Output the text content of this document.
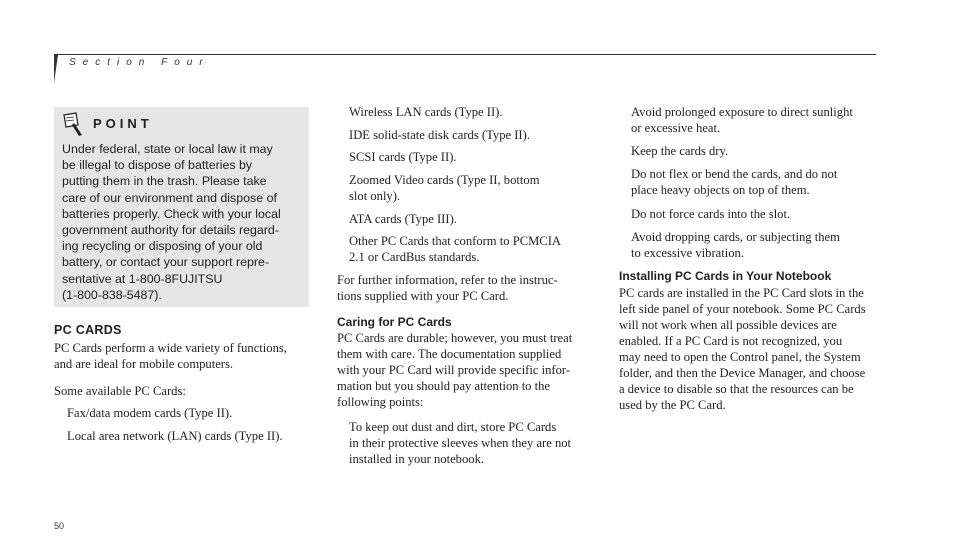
Section Four
POINT
Under federal, state or local law it may
be illegal to dispose of batteries by
putting them in the trash. Please take
care of our environment and dispose of
batteries properly. Check with your local
government authority for details regard-
ing recycling or disposing of your old
battery, or contact your support repre-
sentative at 1-800-8FUJITSU
(1-800-838-5487).
PC CARDS
PC Cards perform a wide variety of functions,
and are ideal for mobile computers.
Some available PC Cards:
Fax/data modem cards (Type II).
Local area network (LAN) cards (Type II).
Wireless LAN cards (Type II).
IDE solid-state disk cards (Type II).
SCSI cards (Type II).
Zoomed Video cards (Type II, bottom
slot only).
ATA cards (Type III).
Other PC Cards that conform to PCMCIA
2.1 or CardBus standards.
For further information, refer to the instruc-
tions supplied with your PC Card.
Caring for PC Cards
PC Cards are durable; however, you must treat
them with care. The documentation supplied
with your PC Card will provide specific infor-
mation but you should pay attention to the
following points:
To keep out dust and dirt, store PC Cards
in their protective sleeves when they are not
installed in your notebook.
Avoid prolonged exposure to direct sunlight
or excessive heat.
Keep the cards dry.
Do not flex or bend the cards, and do not
place heavy objects on top of them.
Do not force cards into the slot.
Avoid dropping cards, or subjecting them
to excessive vibration.
Installing PC Cards in Your Notebook
PC cards are installed in the PC Card slots in the
left side panel of your notebook. Some PC Cards
will not work when all possible devices are
enabled. If a PC Card is not recognized, you
may need to open the Control panel, the System
folder, and then the Device Manager, and choose
a device to disable so that the resources can be
used by the PC Card.
50
